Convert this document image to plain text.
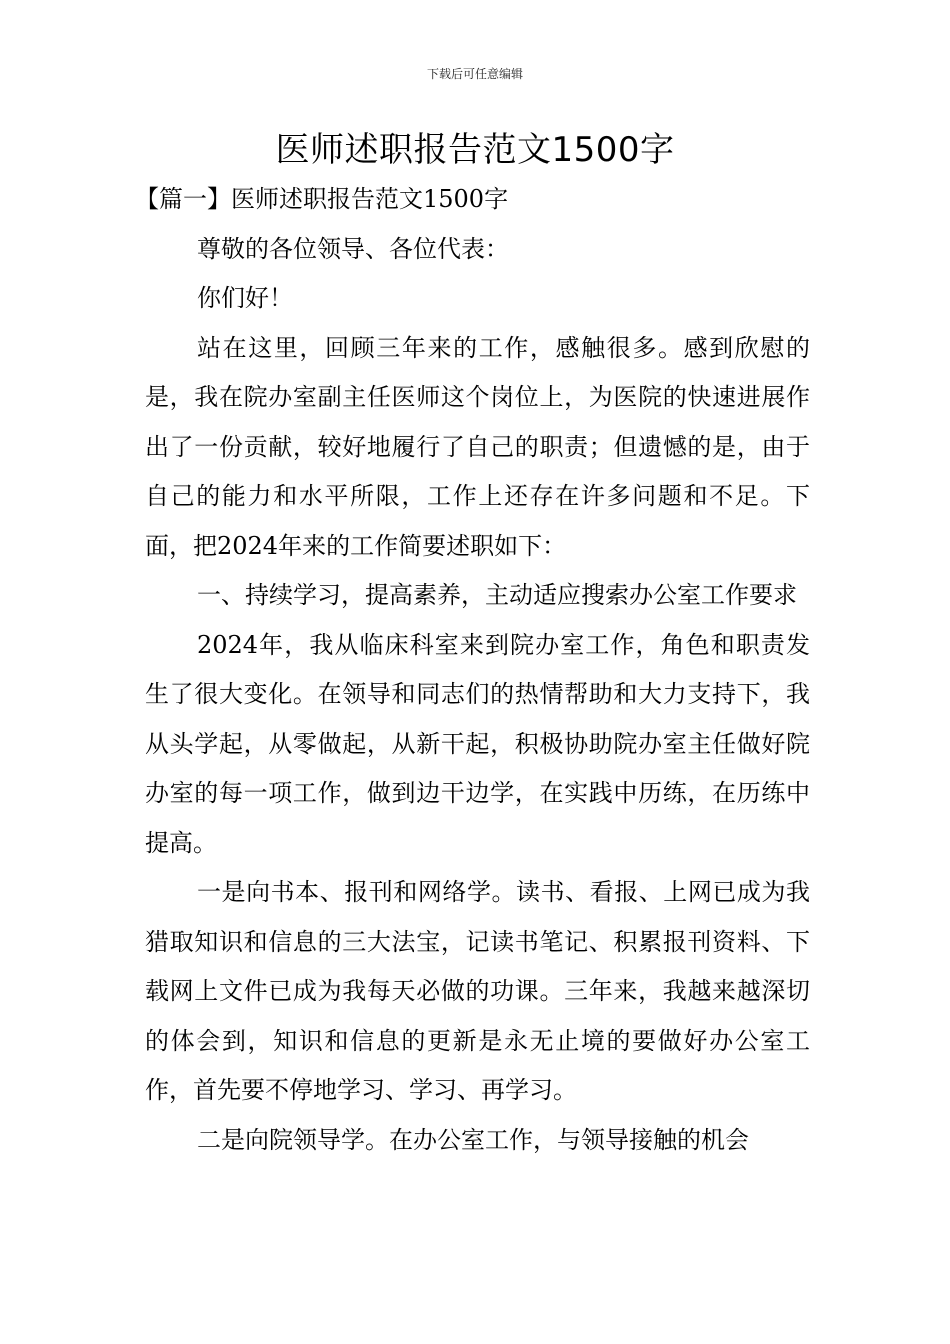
下载后可任意编辑
医师述职报告范文1500字

【篇一】医师述职报告范文1500字

尊敬的各位领导、各位代表：

你们好！

站在这里，回顾三年来的工作，感触很多。感到欣慰的是，我在院办室副主任医师这个岗位上，为医院的快速进展作出了一份贡献，较好地履行了自己的职责；但遗憾的是，由于自己的能力和水平所限，工作上还存在许多问题和不足。下面，把2024年来的工作简要述职如下：

一、持续学习，提高素养，主动适应搜索办公室工作要求

2024年，我从临床科室来到院办室工作，角色和职责发生了很大变化。在领导和同志们的热情帮助和大力支持下，我从头学起，从零做起，从新干起，积极协助院办室主任做好院办室的每一项工作，做到边干边学，在实践中历练，在历练中提高。

一是向书本、报刊和网络学。读书、看报、上网已成为我猎取知识和信息的三大法宝，记读书笔记、积累报刊资料、下载网上文件已成为我每天必做的功课。三年来，我越来越深切的体会到，知识和信息的更新是永无止境的要做好办公室工作，首先要不停地学习、学习、再学习。

二是向院领导学。在办公室工作，与领导接触的机会
